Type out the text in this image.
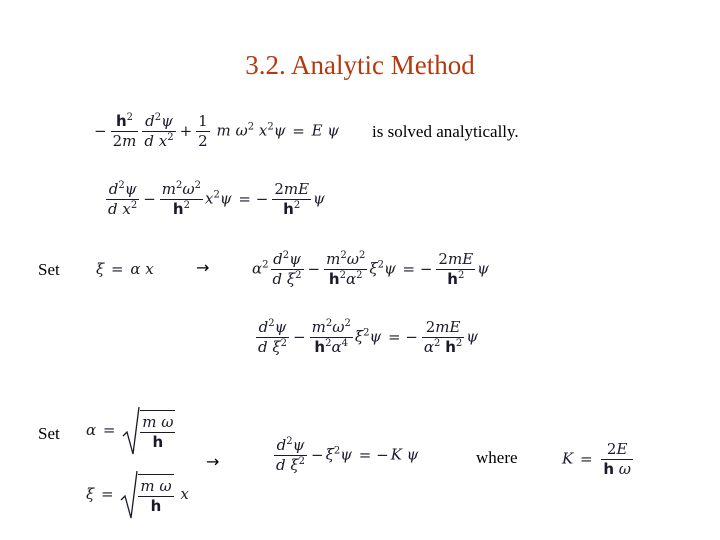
3.2. Analytic Method
− $\frac{h^2}{2m} \frac{d^2\psi}{d x^2} + \frac{1}{2}$ m $\omega^2$ $x^2\psi = E$ ψ is solved analytically.
$\frac{d^2\psi}{d x^2} - \frac{m^2\omega^2}{h^2} x^2\psi$ = − $\frac{2mE}{h^2}$ ψ
Set ξ = α x	→	$\alpha^2 \frac{d^2\psi}{d \xi^2} - \frac{m^2\omega^2}{h^2\alpha^2} \xi^2\psi$ = − $\frac{2mE}{h^2}$ ψ
$\frac{d^2\psi}{d \xi^2} - \frac{m^2\omega^2}{h^2\alpha^4} \xi^2\psi$ = − $\frac{2mE}{\alpha^2 h^2}$ ψ
Set $\alpha = \frac{\text{m ω}}{h}$
→	$\frac{d^2\psi}{d \xi^2} - \xi^2\psi$ = − K ψ	where	$K = \frac{2E}{\text{h ω}}$
$\xi = \frac{\text{m ω}}{h}$ x
